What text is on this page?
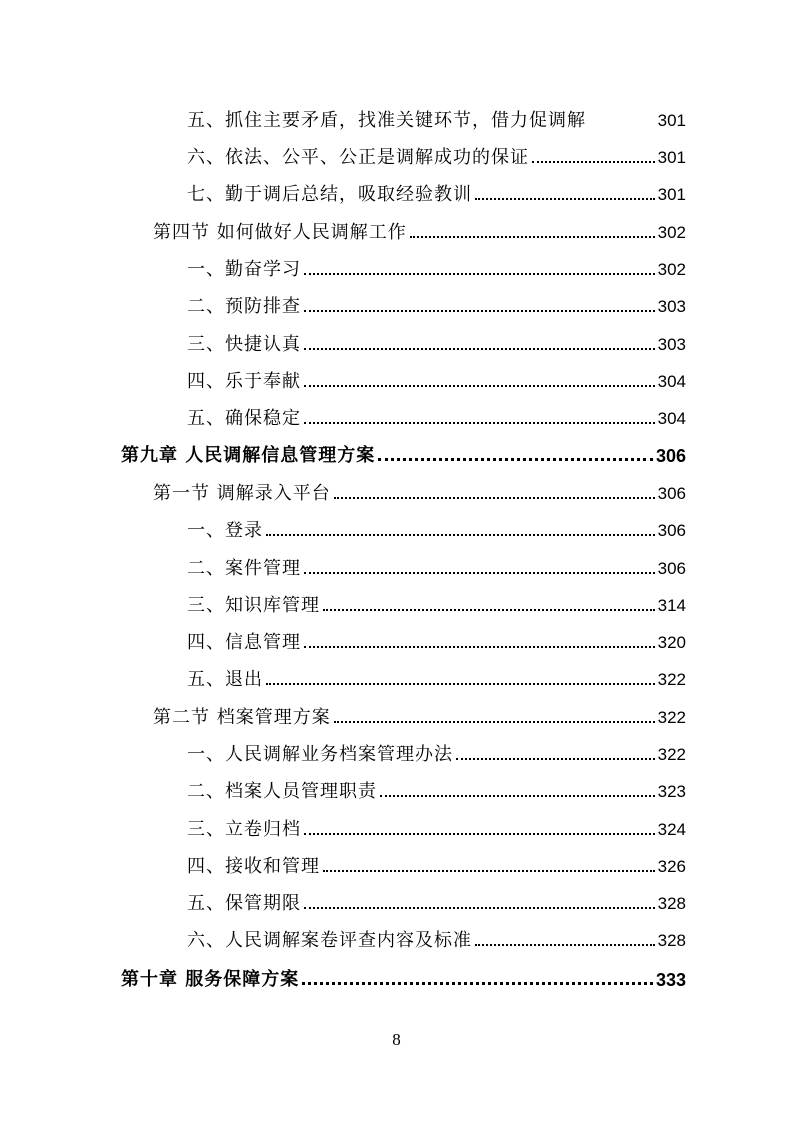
五、抓住主要矛盾，找准关键环节，借力促调解	301
六、依法、公平、公正是调解成功的保证	301
七、勤于调后总结，吸取经验教训	301
第四节 如何做好人民调解工作	302
一、勤奋学习	302
二、预防排查	303
三、快捷认真	303
四、乐于奉献	304
五、确保稳定	304
第九章 人民调解信息管理方案	306
第一节 调解录入平台	306
一、登录	306
二、案件管理	306
三、知识库管理	314
四、信息管理	320
五、退出	322
第二节 档案管理方案	322
一、人民调解业务档案管理办法	322
二、档案人员管理职责	323
三、立卷归档	324
四、接收和管理	326
五、保管期限	328
六、人民调解案卷评查内容及标准	328
第十章 服务保障方案	333
8
